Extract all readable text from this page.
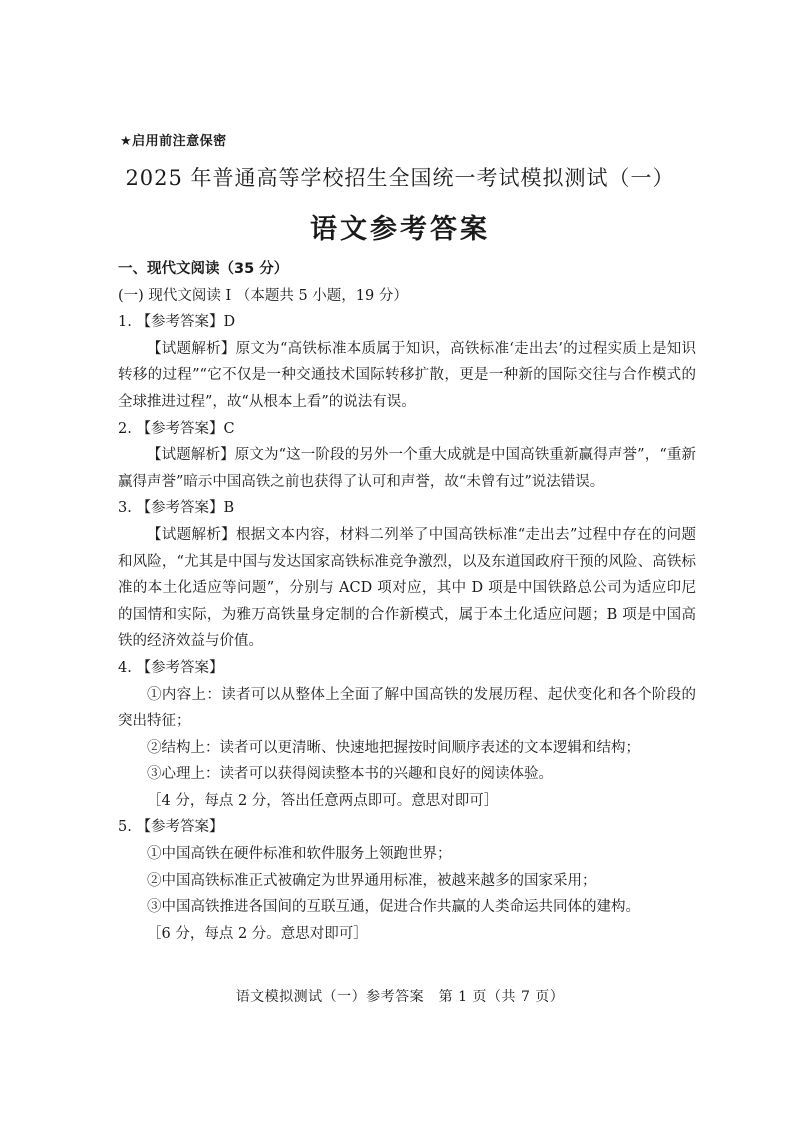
★启用前注意保密
2025 年普通高等学校招生全国统一考试模拟测试（一）
语文参考答案
一、现代文阅读（35 分）
(一) 现代文阅读 I （本题共 5 小题，19 分）
1. 【参考答案】D
【试题解析】原文为“高铁标准本质属于知识，高铁标准‘走出去’的过程实质上是知识转移的过程”“它不仅是一种交通技术国际转移扩散，更是一种新的国际交往与合作模式的全球推进过程”，故“从根本上看”的说法有误。
2. 【参考答案】C
【试题解析】原文为“这一阶段的另外一个重大成就是中国高铁重新赢得声誉”，“重新赢得声誉”暗示中国高铁之前也获得了认可和声誉，故“未曾有过”说法错误。
3. 【参考答案】B
【试题解析】根据文本内容，材料二列举了中国高铁标准“走出去”过程中存在的问题和风险，“尤其是中国与发达国家高铁标准竞争激烈，以及东道国政府干预的风险、高铁标准的本土化适应等问题”，分别与 ACD 项对应，其中 D 项是中国铁路总公司为适应印尼的国情和实际，为雅万高铁量身定制的合作新模式，属于本土化适应问题；B 项是中国高铁的经济效益与价值。
4. 【参考答案】
①内容上：读者可以从整体上全面了解中国高铁的发展历程、起伏变化和各个阶段的突出特征；
②结构上：读者可以更清晰、快速地把握按时间顺序表述的文本逻辑和结构；
③心理上：读者可以获得阅读整本书的兴趣和良好的阅读体验。
［4 分，每点 2 分，答出任意两点即可。意思对即可］
5. 【参考答案】
①中国高铁在硬件标准和软件服务上领跑世界；
②中国高铁标准正式被确定为世界通用标准，被越来越多的国家采用；
③中国高铁推进各国间的互联互通，促进合作共赢的人类命运共同体的建构。
［6 分，每点 2 分。意思对即可］
语文模拟测试（一）参考答案　第 1 页（共 7 页）
